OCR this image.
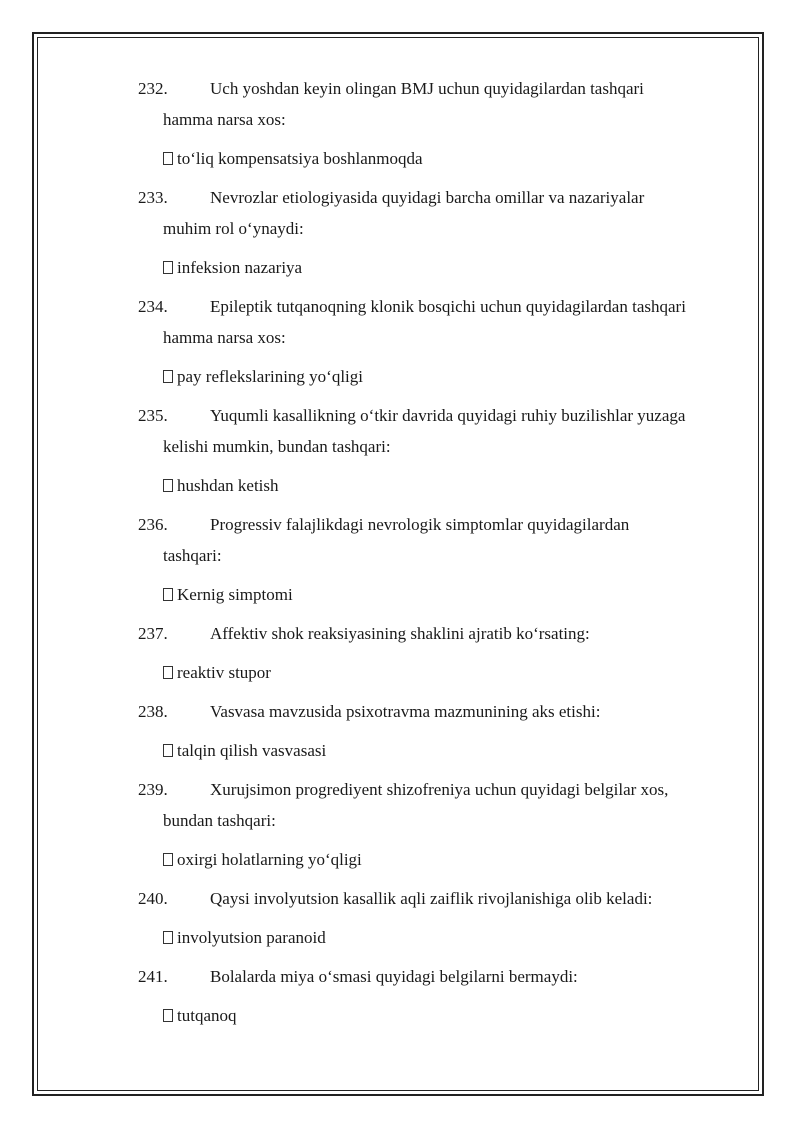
232. Uch yoshdan keyin olingan BMJ uchun quyidagilardan tashqari
hamma narsa xos:
to‘liq kompensatsiya boshlanmoqda
233. Nevrozlar etiologiyasida quyidagi barcha omillar va nazariyalar
muhim rol o‘ynaydi:
infeksion nazariya
234. Epileptik tutqanoqning klonik bosqichi uchun quyidagilardan tashqari
hamma narsa xos:
pay reflekslarining yo‘qligi
235. Yuqumli kasallikning o‘tkir davrida quyidagi ruhiy buzilishlar yuzaga
kelishi mumkin, bundan tashqari:
hushdan ketish
236. Progressiv falajlikdagi nevrologik simptomlar quyidagilardan
tashqari:
Kernig simptomi
237. Affektiv shok reaksiyasining shaklini ajratib ko‘rsating:
reaktiv stupor
238. Vasvasa mavzusida psixotravma mazmunining aks etishi:
talqin qilish vasvasasi
239. Xurujsimon progrediyent shizofreniya uchun quyidagi belgilar xos,
bundan tashqari:
oxirgi holatlarning yo‘qligi
240. Qaysi involyutsion kasallik aqli zaiflik rivojlanishiga olib keladi:
involyutsion paranoid
241. Bolalarda miya o‘smasi quyidagi belgilarni bermaydi:
tutqanoq
